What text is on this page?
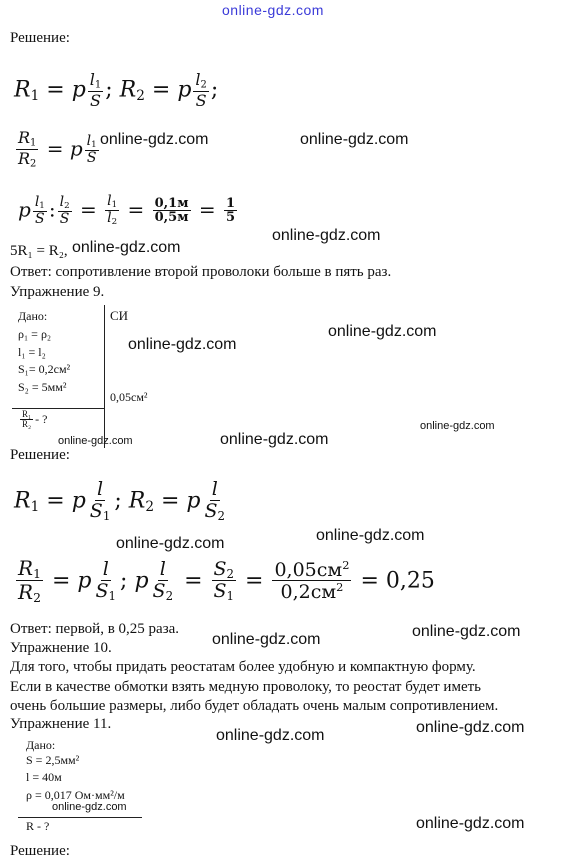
online-gdz.com
Решение:
$R_1 = p \frac{l_1}{S}$ ; $R_2 = p \frac{l_2}{S}$ ;
$\frac{R_1}{R_2} = p \frac{l_1}{S}$ online-gdz.com	online-gdz.com
p $\frac{l_1}{S}$ : $\frac{l_2}{S} = \frac{l_1}{l_2} = \frac{0,1м}{0,5м} = \frac{1}{5}$
5R₁ = R₂, online-gdz.com
online-gdz.com
Ответ: сопротивление второй проволоки больше в пять раз.
Упражнение 9.
Дано:
ρ₁ = ρ₂
l₁ = l₂
S₁= 0,2см²
S₂ = 5мм²
$\frac{\text{R₁}}{\text{R₂}}$ - ?
СИ
0,05см²
online-gdz.com
online-gdz.com
online-gdz.com
online-gdz.com	online-gdz.com
Решение:
$R_1 = p \frac{l}{S_1}$ ; $R_2 = p \frac{l}{S_2}$
online-gdz.com
online-gdz.com
$\frac{R_1}{R_2} = p \frac{l}{S_1}$ ; p $\frac{l}{S_2} = \frac{S_2}{S_1} = \frac{0,05см^2}{0,2см^2} = 0,25$
Ответ: первой, в 0,25 раза.	online-gdz.com
online-gdz.com
Упражнение 10.
Для того, чтобы придать реостатам более удобную и компактную форму.
Если в качестве обмотки взять медную проволоку, то реостат будет иметь
очень большие размеры, либо будет обладать очень малым сопротивлением.
Упражнение 11.	online-gdz.com
online-gdz.com
Дано:
S = 2,5мм²
l = 40м
ρ = 0,017 Ом·мм²/м
online-gdz.com
R - ?	online-gdz.com
Решение:
